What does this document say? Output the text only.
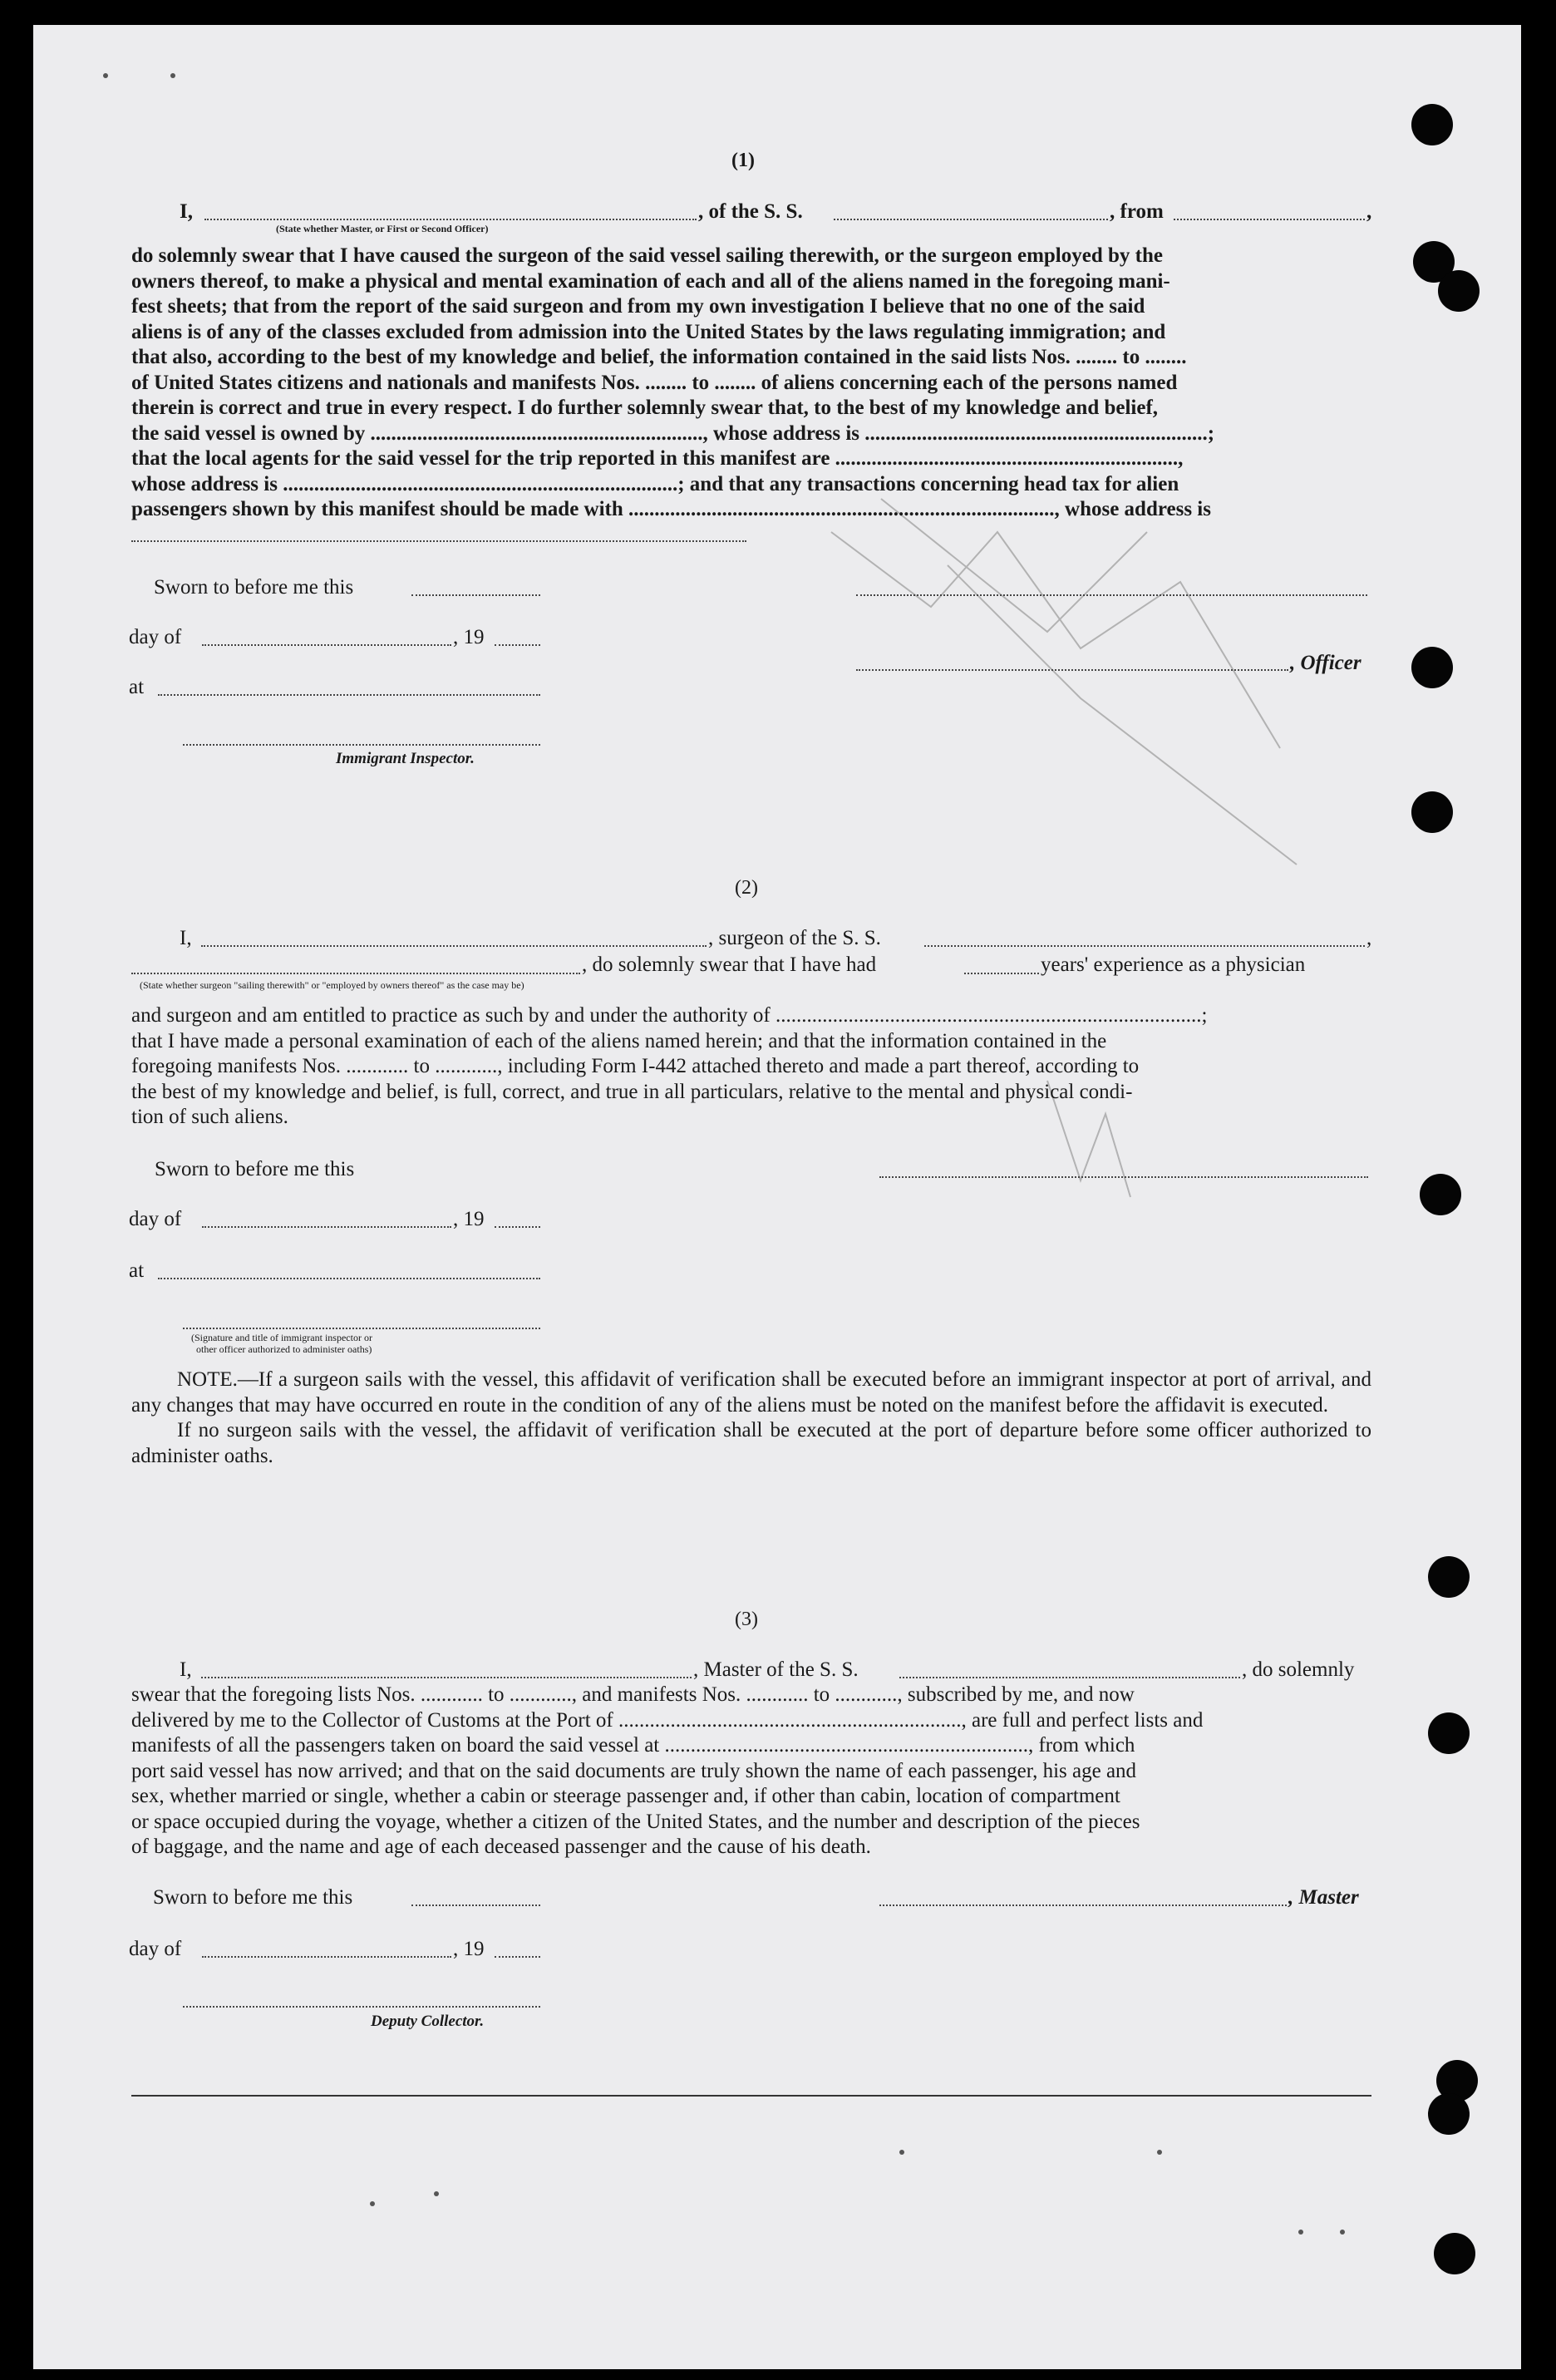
(1)
I,	, of the S. S.	, from	,
(State whether Master, or First or Second Officer)
do solemnly swear that I have caused the surgeon of the said vessel sailing therewith, or the surgeon employed by the
owners thereof, to make a physical and mental examination of each and all of the aliens named in the foregoing mani-
fest sheets; that from the report of the said surgeon and from my own investigation I believe that no one of the said
aliens is of any of the classes excluded from admission into the United States by the laws regulating immigration; and
that also, according to the best of my knowledge and belief, the information contained in the said lists Nos. ........ to ........
of United States citizens and nationals and manifests Nos. ........ to ........ of aliens concerning each of the persons named
therein is correct and true in every respect. I do further solemnly swear that, to the best of my knowledge and belief,
the said vessel is owned by ................................................................, whose address is ..................................................................;
that the local agents for the said vessel for the trip reported in this manifest are ..................................................................,
whose address is ............................................................................; and that any transactions concerning head tax for alien
passengers shown by this manifest should be made with .................................................................................., whose address is
Sworn to before me this
day of	, 19
, Officer
at
Immigrant Inspector.
(2)
I,	, surgeon of the S. S.	,
, do solemnly swear that I have had	years' experience as a physician
(State whether surgeon "sailing therewith" or "employed by owners thereof" as the case may be)
and surgeon and am entitled to practice as such by and under the authority of ..................................................................................;
that I have made a personal examination of each of the aliens named herein; and that the information contained in the
foregoing manifests Nos. ............ to ............, including Form I-442 attached thereto and made a part thereof, according to
the best of my knowledge and belief, is full, correct, and true in all particulars, relative to the mental and physical condi-
tion of such aliens.
Sworn to before me this
day of	, 19
at
(Signature and title of immigrant inspector or
other officer authorized to administer oaths)
NOTE.—If a surgeon sails with the vessel, this affidavit of verification shall be executed before an immigrant inspector at port of arrival, and any changes that may have occurred en route in the condition of any of the aliens must be noted on the manifest before the affidavit is executed.
If no surgeon sails with the vessel, the affidavit of verification shall be executed at the port of departure before some officer authorized to administer oaths.
(3)
I,	, Master of the S. S.	, do solemnly
swear that the foregoing lists Nos. ............ to ............, and manifests Nos. ............ to ............, subscribed by me, and now
delivered by me to the Collector of Customs at the Port of .................................................................., are full and perfect lists and
manifests of all the passengers taken on board the said vessel at ......................................................................, from which
port said vessel has now arrived; and that on the said documents are truly shown the name of each passenger, his age and
sex, whether married or single, whether a cabin or steerage passenger and, if other than cabin, location of compartment
or space occupied during the voyage, whether a citizen of the United States, and the number and description of the pieces
of baggage, and the name and age of each deceased passenger and the cause of his death.
Sworn to before me this	, Master
day of	, 19
Deputy Collector.
